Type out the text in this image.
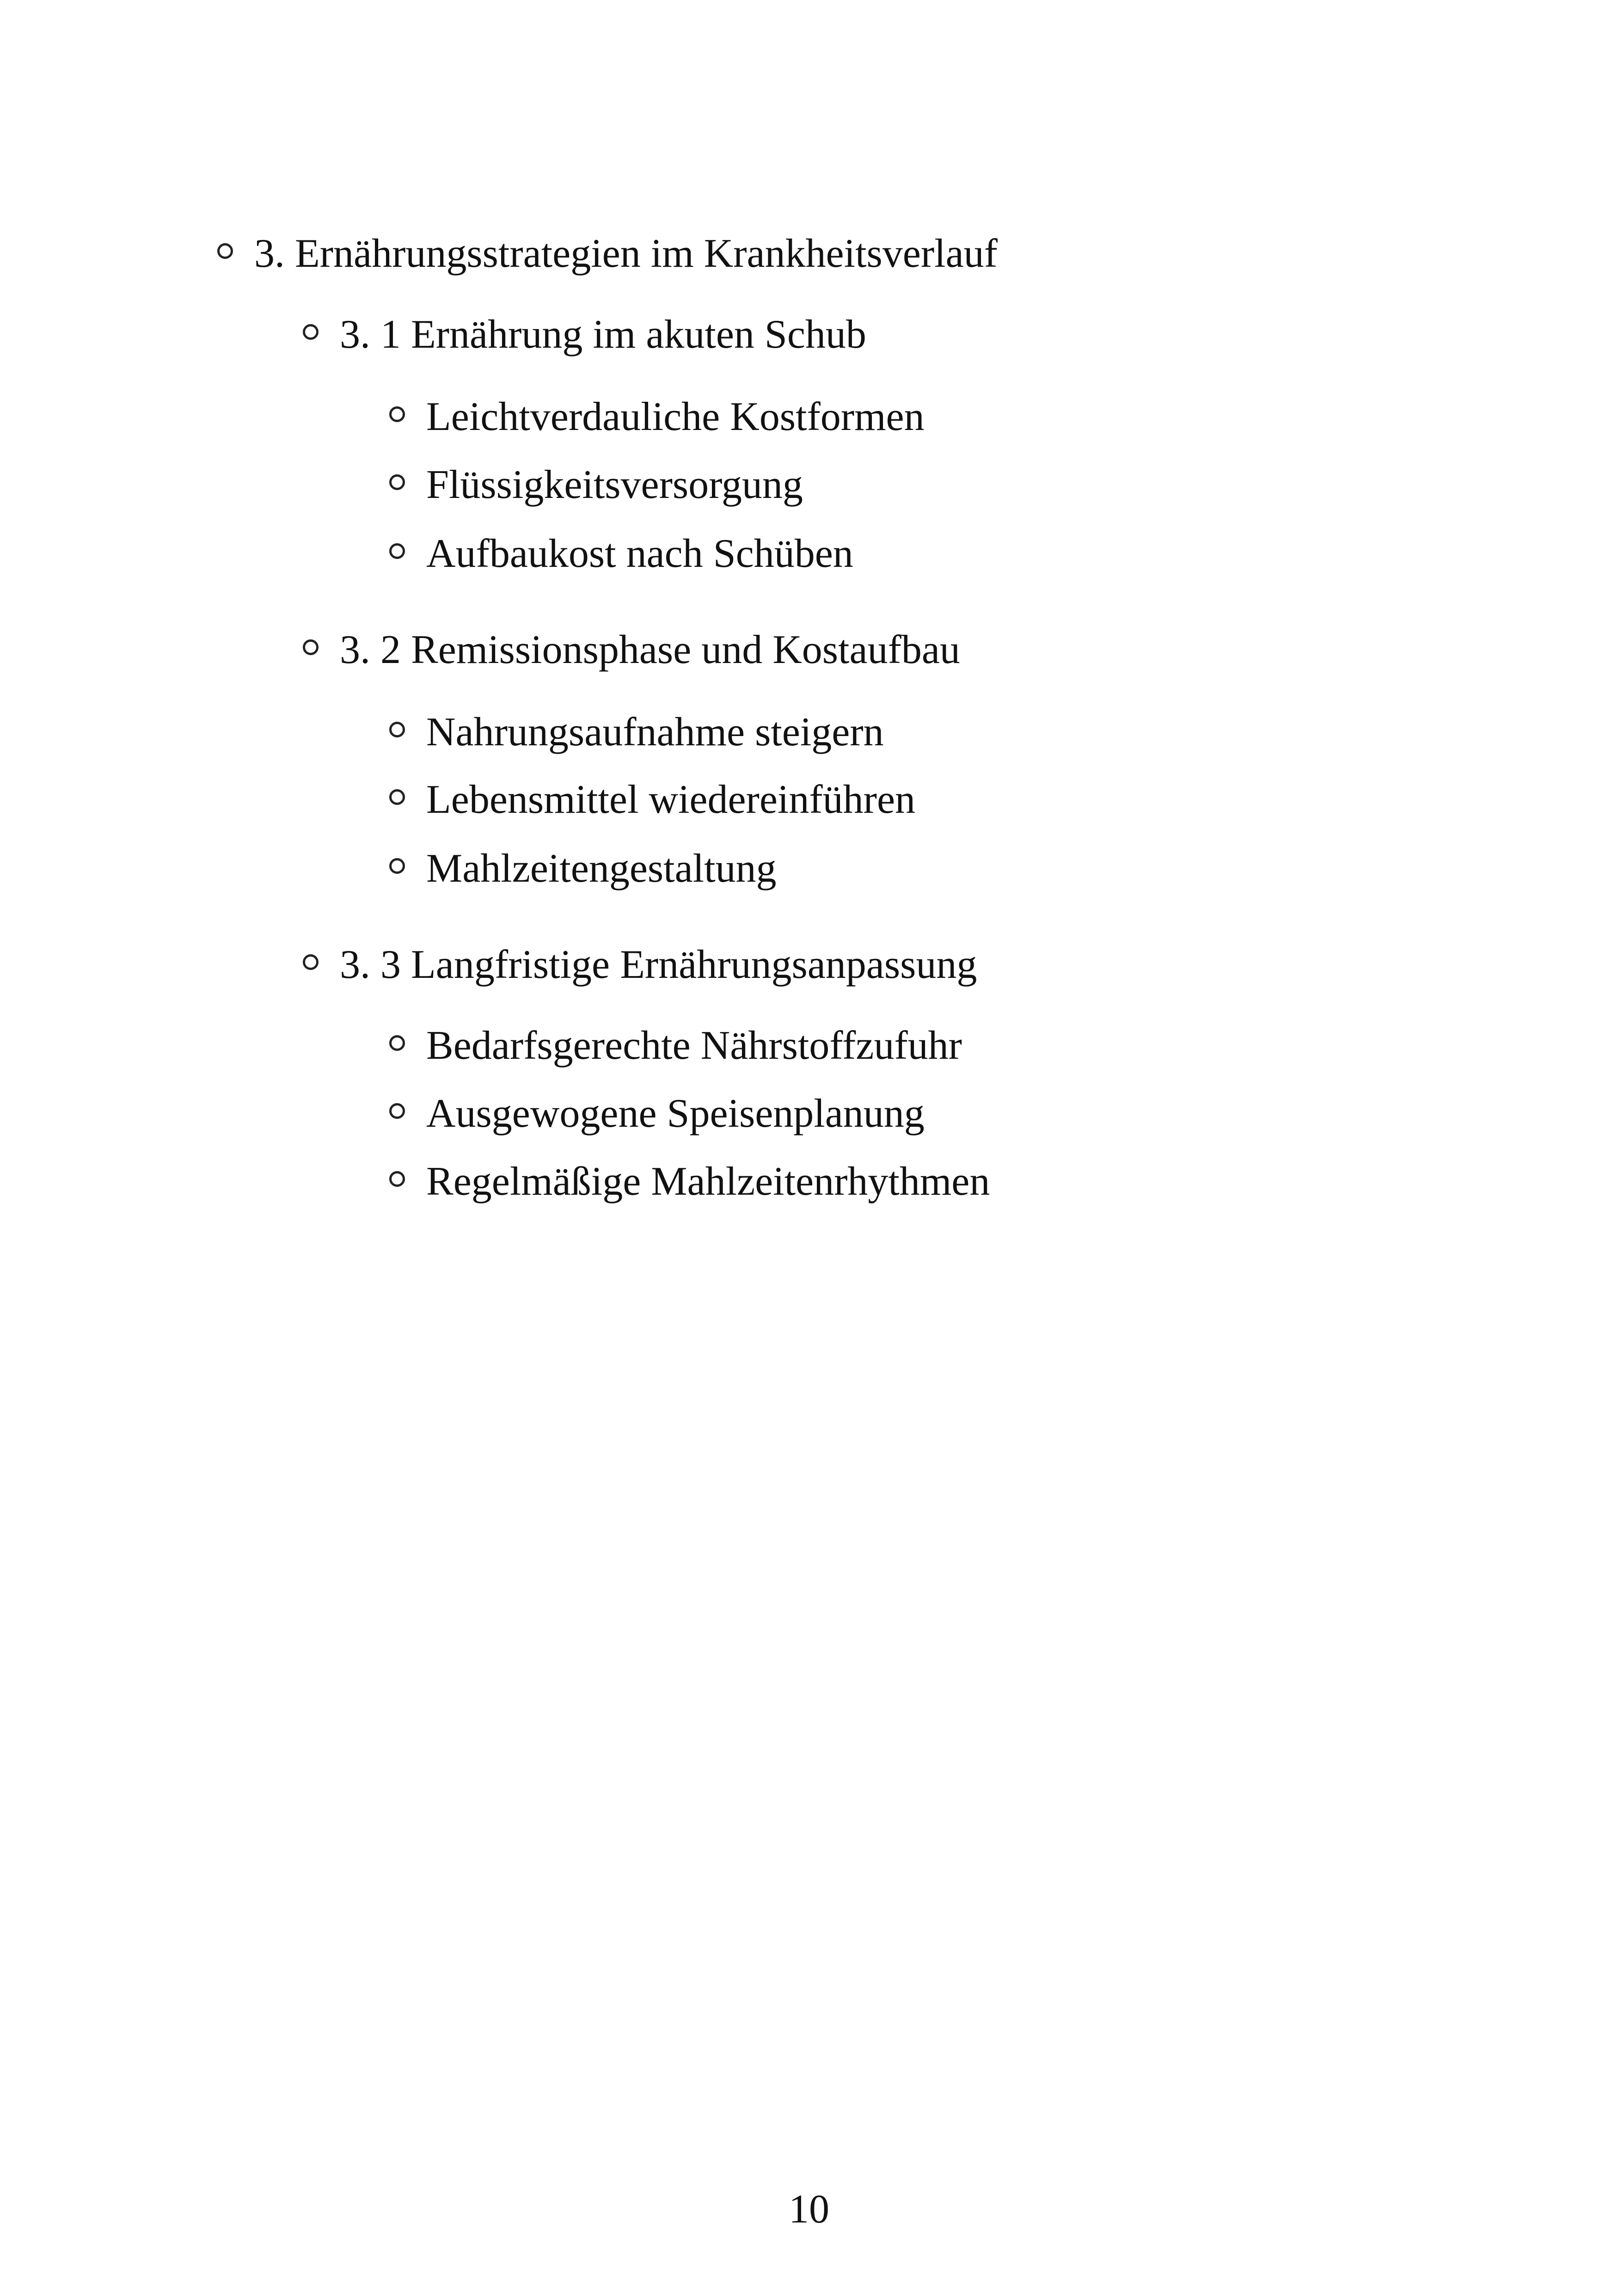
3. Ernährungsstrategien im Krankheitsverlauf
3. 1 Ernährung im akuten Schub
Leichtverdauliche Kostformen
Flüssigkeitsversorgung
Aufbaukost nach Schüben
3. 2 Remissionsphase und Kostaufbau
Nahrungsaufnahme steigern
Lebensmittel wiedereinführen
Mahlzeitengestaltung
3. 3 Langfristige Ernährungsanpassung
Bedarfsgerechte Nährstoffzufuhr
Ausgewogene Speisenplanung
Regelmäßige Mahlzeitenrhythmen
10
